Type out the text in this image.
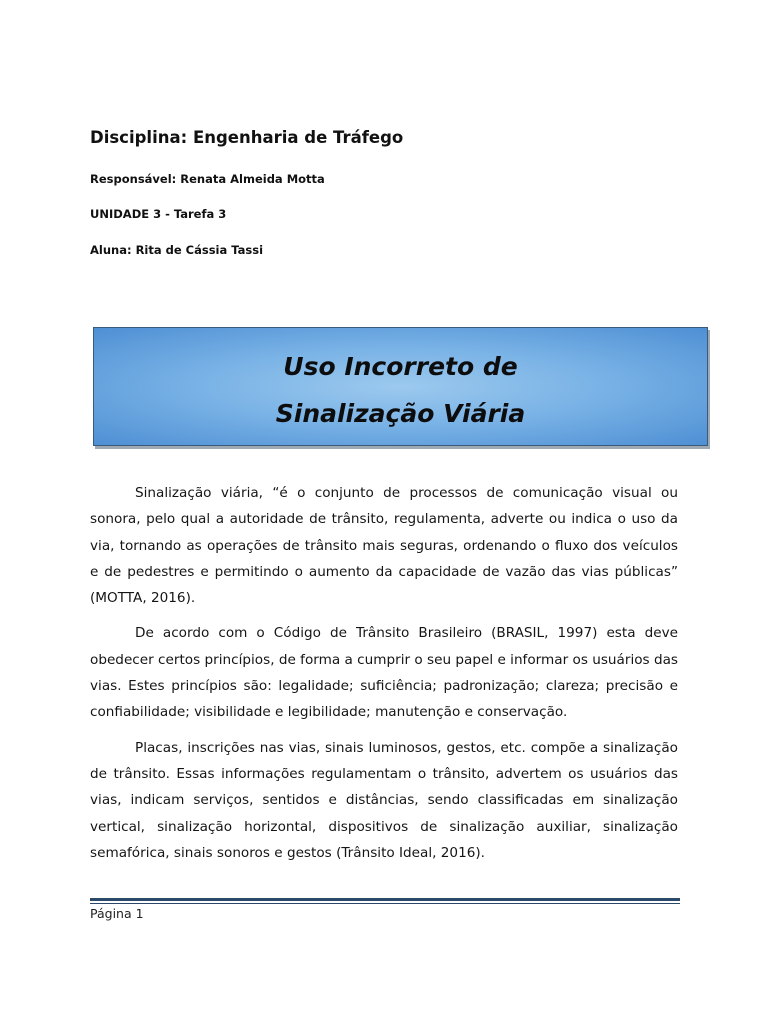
Disciplina: Engenharia de Tráfego

Responsável: Renata Almeida Motta

UNIDADE 3 - Tarefa 3

Aluna: Rita de Cássia Tassi

Uso Incorreto de

Sinalização Viária

Sinalização viária, “é o conjunto de processos de comunicação visual ou sonora, pelo qual a autoridade de trânsito, regulamenta, adverte ou indica o uso da via, tornando as operações de trânsito mais seguras, ordenando o fluxo dos veículos e de pedestres e permitindo o aumento da capacidade de vazão das vias públicas” (MOTTA, 2016).

De acordo com o Código de Trânsito Brasileiro (BRASIL, 1997) esta deve obedecer certos princípios, de forma a cumprir o seu papel e informar os usuários das vias. Estes princípios são: legalidade; suficiência; padronização; clareza; precisão e confiabilidade; visibilidade e legibilidade; manutenção e conservação.

Placas, inscrições nas vias, sinais luminosos, gestos, etc. compõe a sinalização de trânsito. Essas informações regulamentam o trânsito, advertem os usuários das vias, indicam serviços, sentidos e distâncias, sendo classificadas em sinalização vertical, sinalização horizontal, dispositivos de sinalização auxiliar, sinalização semafórica, sinais sonoros e gestos (Trânsito Ideal, 2016).

Página 1
